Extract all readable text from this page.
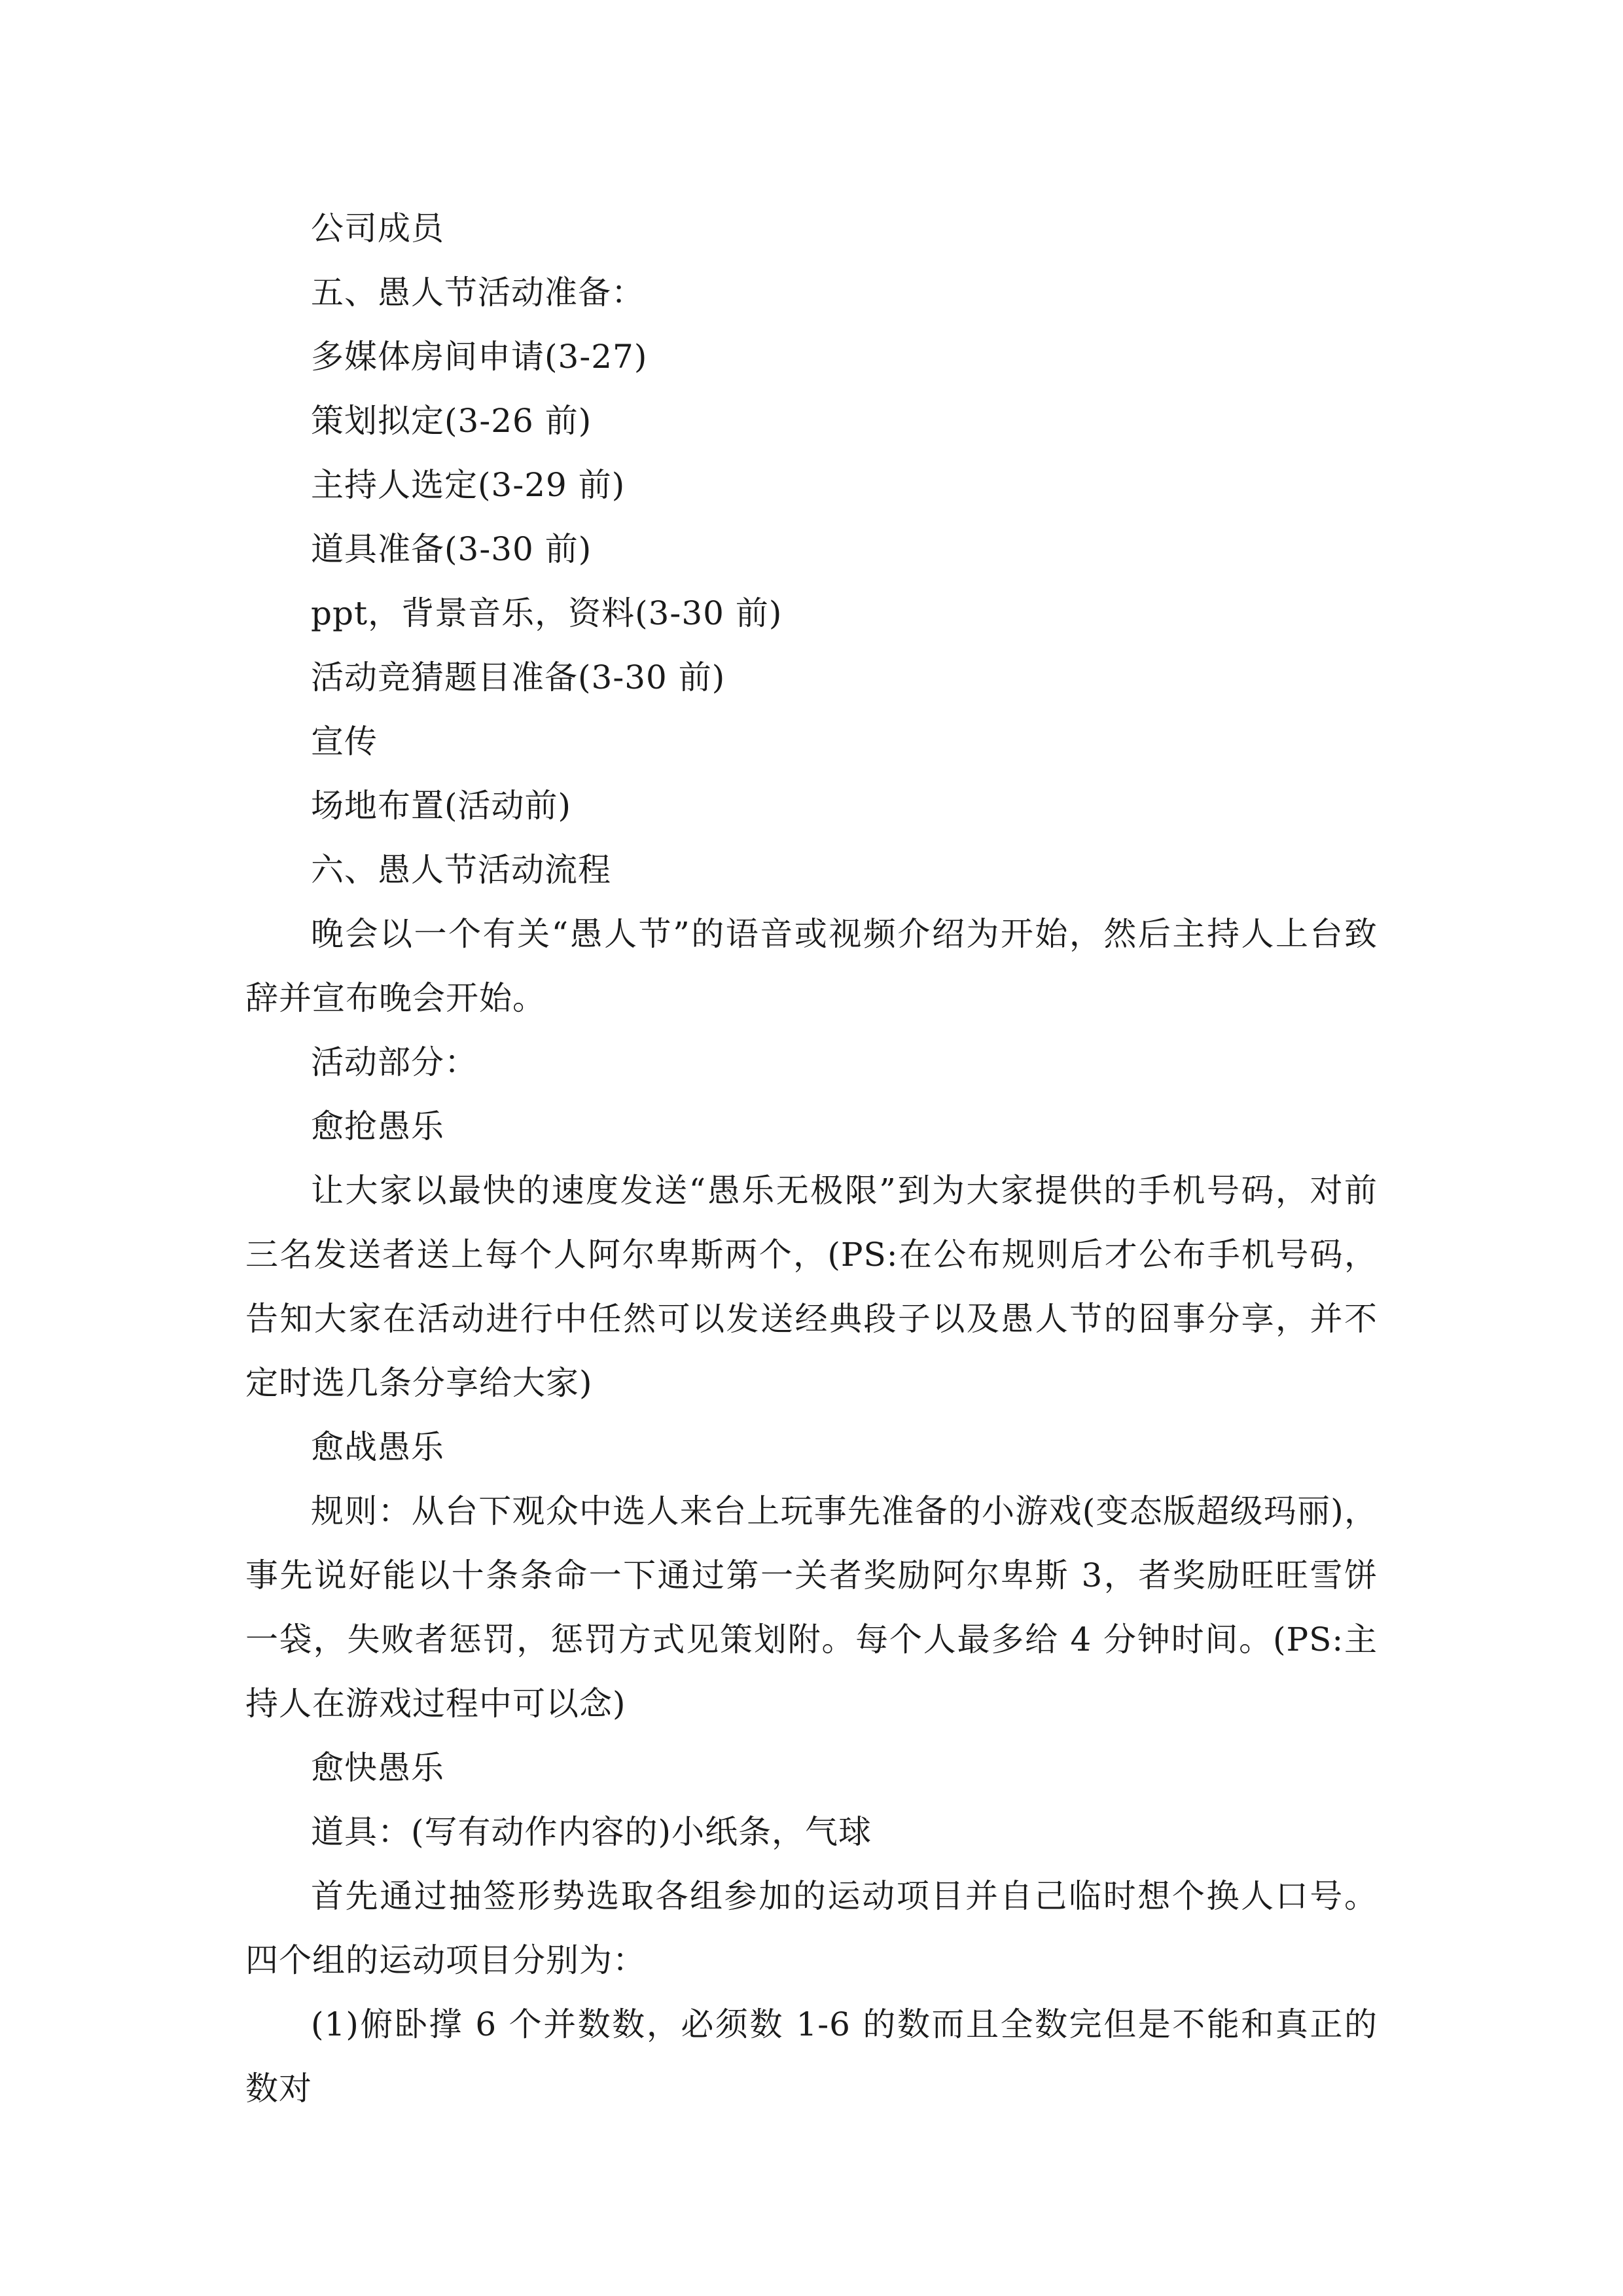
公司成员

五、愚人节活动准备：

多媒体房间申请(3-27)

策划拟定(3-26 前)

主持人选定(3-29 前)

道具准备(3-30 前)

ppt，背景音乐，资料(3-30 前)

活动竞猜题目准备(3-30 前)

宣传

场地布置(活动前)

六、愚人节活动流程

晚会以一个有关“愚人节”的语音或视频介绍为开始，然后主持人上台致辞并宣布晚会开始。

活动部分：

愈抢愚乐

让大家以最快的速度发送“愚乐无极限”到为大家提供的手机号码，对前三名发送者送上每个人阿尔卑斯两个，(PS:在公布规则后才公布手机号码，告知大家在活动进行中任然可以发送经典段子以及愚人节的囧事分享，并不定时选几条分享给大家)

愈战愚乐

规则：从台下观众中选人来台上玩事先准备的小游戏(变态版超级玛丽)，事先说好能以十条条命一下通过第一关者奖励阿尔卑斯 3，者奖励旺旺雪饼一袋，失败者惩罚，惩罚方式见策划附。每个人最多给 4 分钟时间。(PS:主持人在游戏过程中可以念)

愈快愚乐

道具：(写有动作内容的)小纸条，气球

首先通过抽签形势选取各组参加的运动项目并自己临时想个换人口号。四个组的运动项目分别为：

(1)俯卧撑 6 个并数数，必须数 1-6 的数而且全数完但是不能和真正的数对
